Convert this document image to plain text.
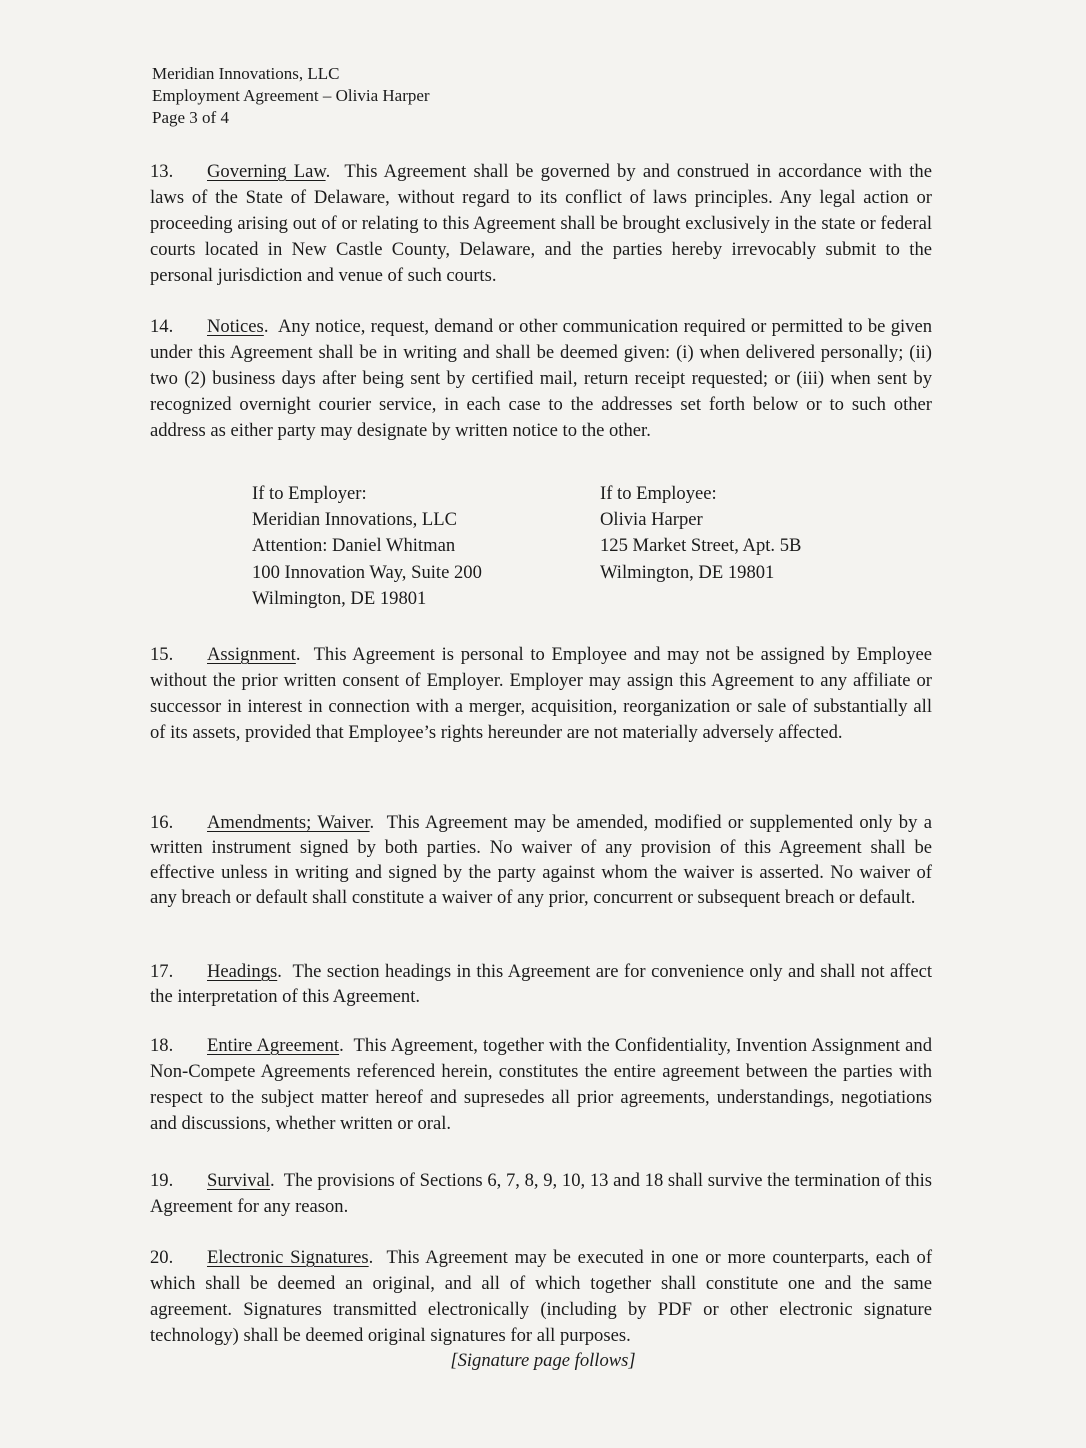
Meridian Innovations, LLC
Employment Agreement – Olivia Harper
Page 3 of 4
13. Governing Law.  This Agreement shall be governed by and construed in accordance with the laws of the State of Delaware, without regard to its conflict of laws principles. Any legal action or proceeding arising out of or relating to this Agreement shall be brought exclusively in the state or federal courts located in New Castle County, Delaware, and the parties hereby irrevocably submit to the personal jurisdiction and venue of such courts.
14. Notices.  Any notice, request, demand or other communication required or permitted to be given under this Agreement shall be in writing and shall be deemed given: (i) when delivered personally; (ii) two (2) business days after being sent by certified mail, return receipt requested; or (iii) when sent by recognized overnight courier service, in each case to the addresses set forth below or to such other address as either party may designate by written notice to the other.
If to Employer:
Meridian Innovations, LLC
Attention: Daniel Whitman
100 Innovation Way, Suite 200
Wilmington, DE 19801
If to Employee:
Olivia Harper
125 Market Street, Apt. 5B
Wilmington, DE 19801
15. Assignment.  This Agreement is personal to Employee and may not be assigned by Employee without the prior written consent of Employer. Employer may assign this Agreement to any affiliate or successor in interest in connection with a merger, acquisition, reorganization or sale of substantially all of its assets, provided that Employee’s rights hereunder are not materially adversely affected.
16. Amendments; Waiver.  This Agreement may be amended, modified or supplemented only by a written instrument signed by both parties. No waiver of any provision of this Agreement shall be effective unless in writing and signed by the party against whom the waiver is asserted. No waiver of any breach or default shall constitute a waiver of any prior, concurrent or subsequent breach or default.
17. Headings.  The section headings in this Agreement are for convenience only and shall not affect the interpretation of this Agreement.
18. Entire Agreement.  This Agreement, together with the Confidentiality, Invention Assignment and Non-Compete Agreements referenced herein, constitutes the entire agreement between the parties with respect to the subject matter hereof and supresedes all prior agreements, understandings, negotiations and discussions, whether written or oral.
19. Survival.  The provisions of Sections 6, 7, 8, 9, 10, 13 and 18 shall survive the termination of this Agreement for any reason.
20. Electronic Signatures.  This Agreement may be executed in one or more counterparts, each of which shall be deemed an original, and all of which together shall constitute one and the same agreement. Signatures transmitted electronically (including by PDF or other electronic signature technology) shall be deemed original signatures for all purposes.
[Signature page follows]
